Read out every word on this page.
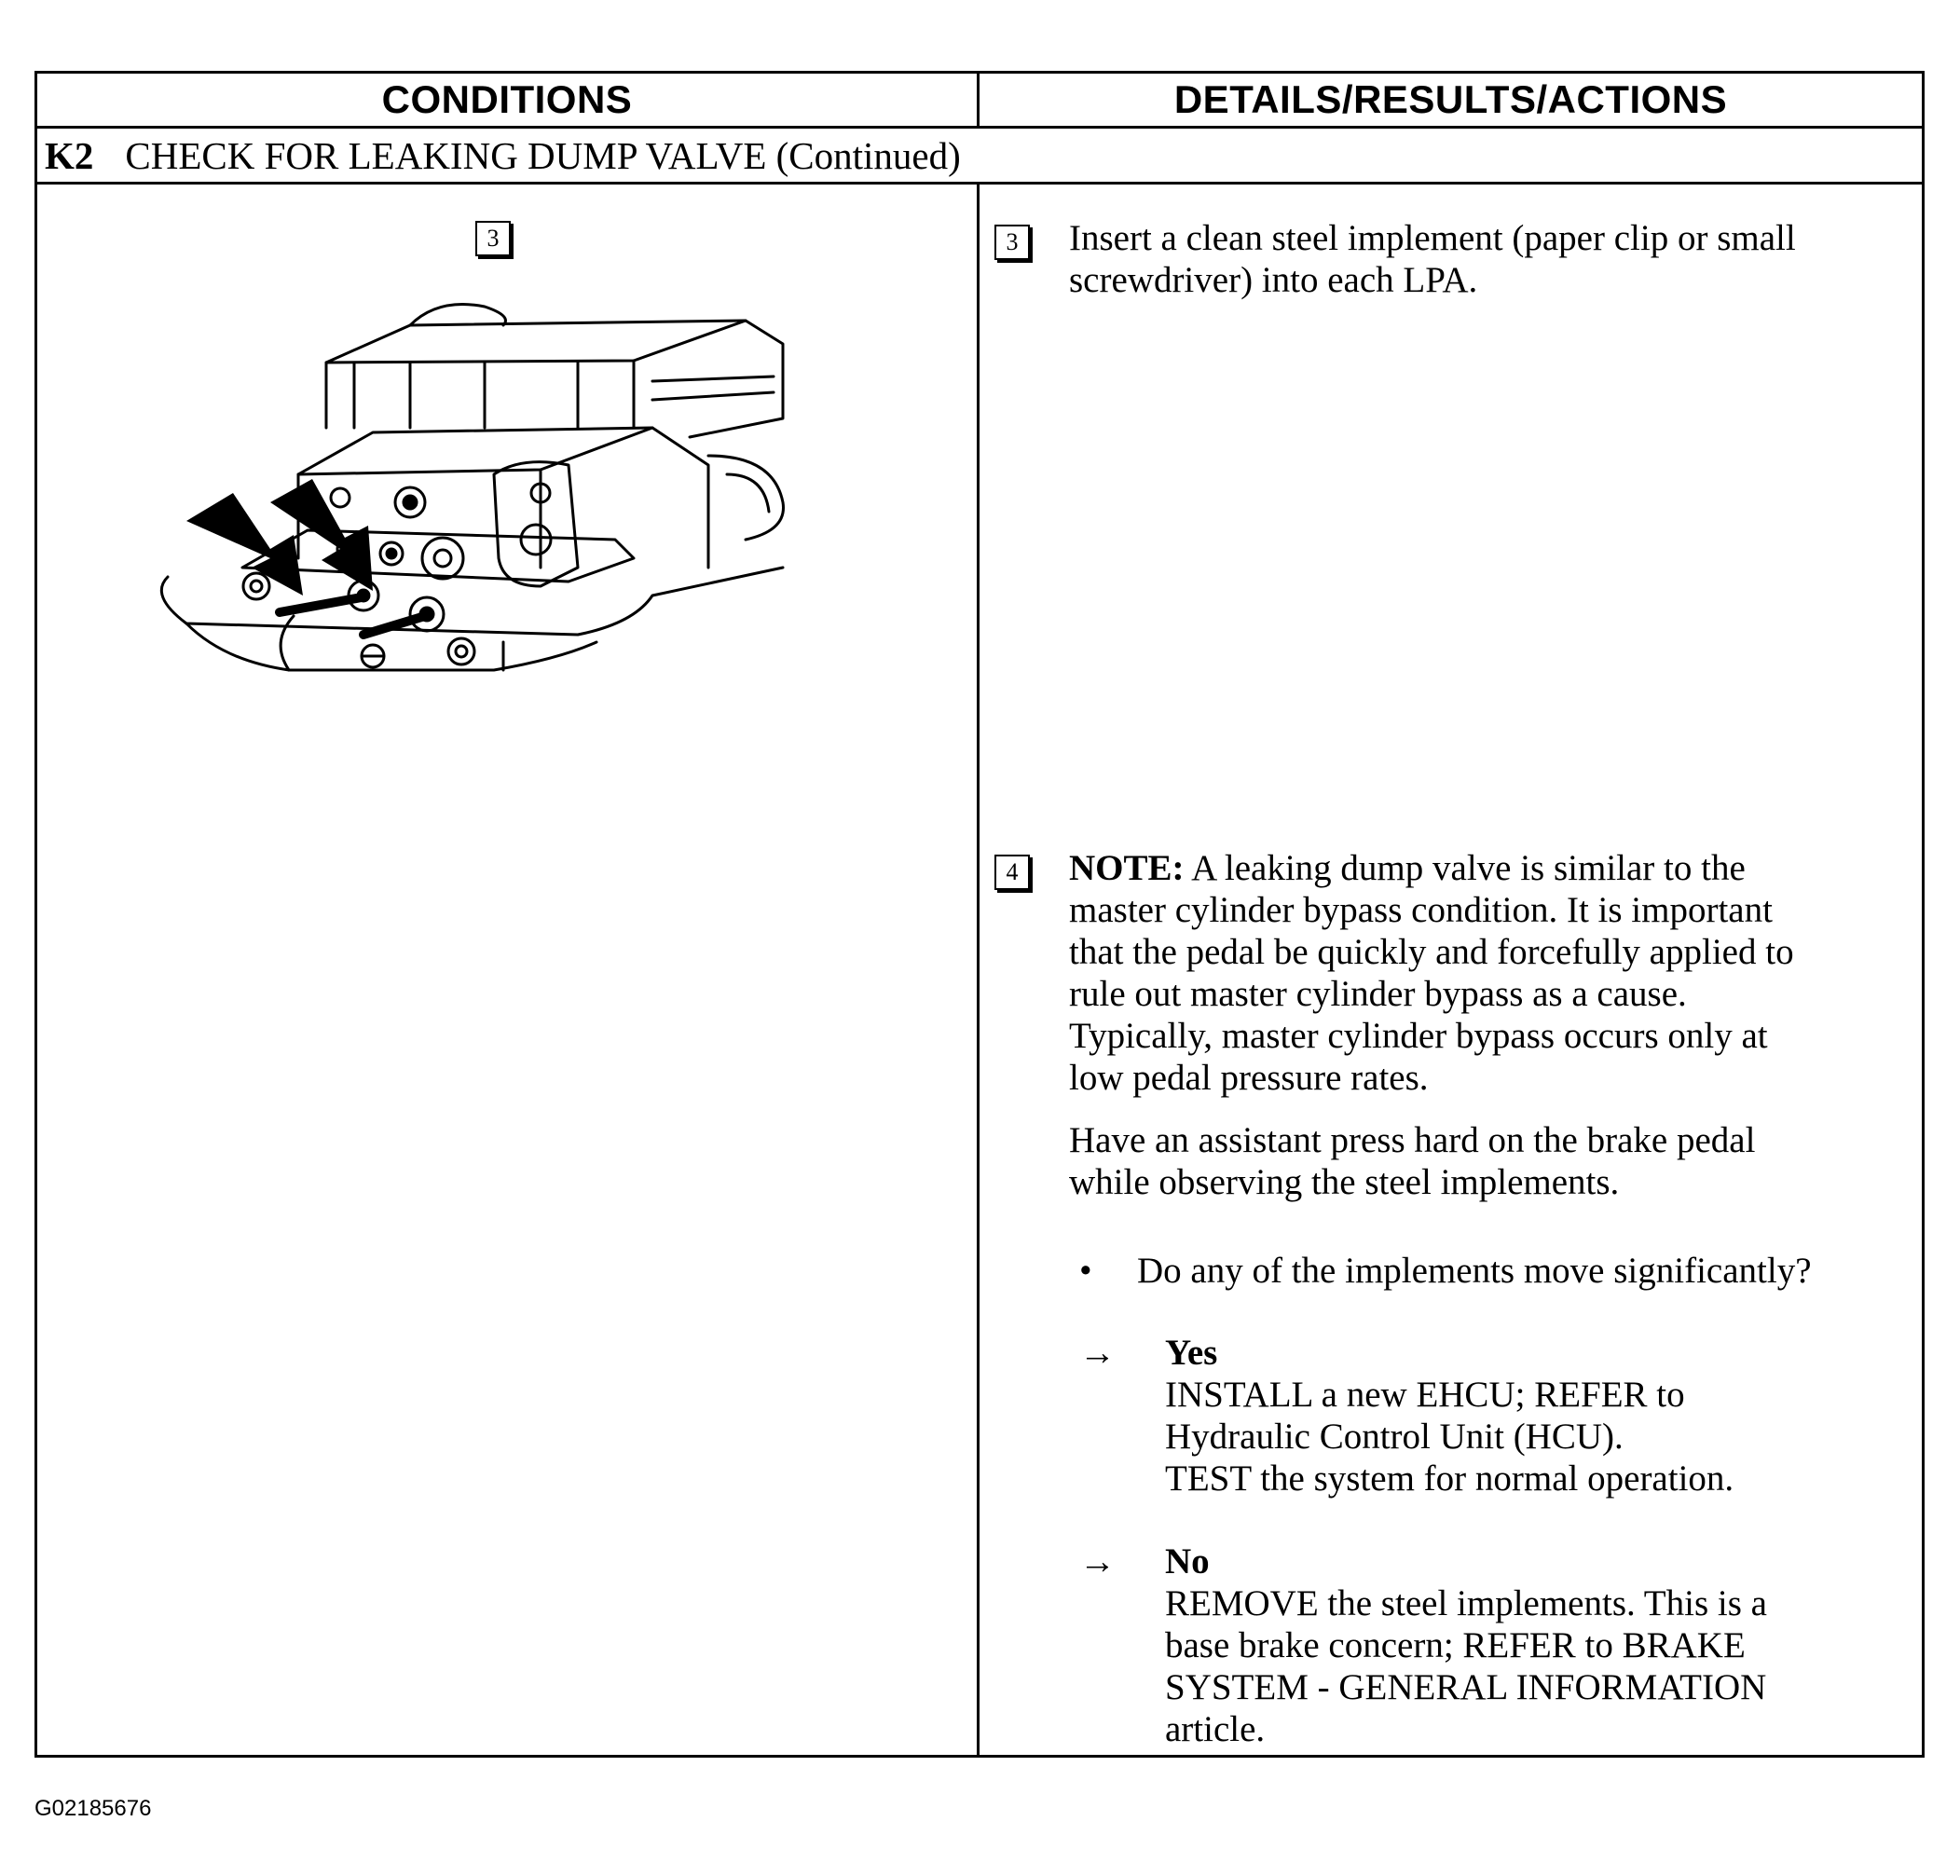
CONDITIONS	DETAILS/RESULTS/ACTIONS
K2 CHECK FOR LEAKING DUMP VALVE (Continued)
3	3	Insert a clean steel implement (paper clip or small screwdriver) into each LPA.
4	NOTE: A leaking dump valve is similar to the

master cylinder bypass condition. It is important

that the pedal be quickly and forcefully applied to

rule out master cylinder bypass as a cause.

Typically, master cylinder bypass occurs only at

low pedal pressure rates.

Have an assistant press hard on the brake pedal

while observing the steel implements.

• Do any of the implements move significantly?
→ Yes

INSTALL a new EHCU; REFER to

Hydraulic Control Unit (HCU).

TEST the system for normal operation.

→ No

REMOVE the steel implements. This is a

base brake concern; REFER to BRAKE

SYSTEM - GENERAL INFORMATION

article.

G02185676
